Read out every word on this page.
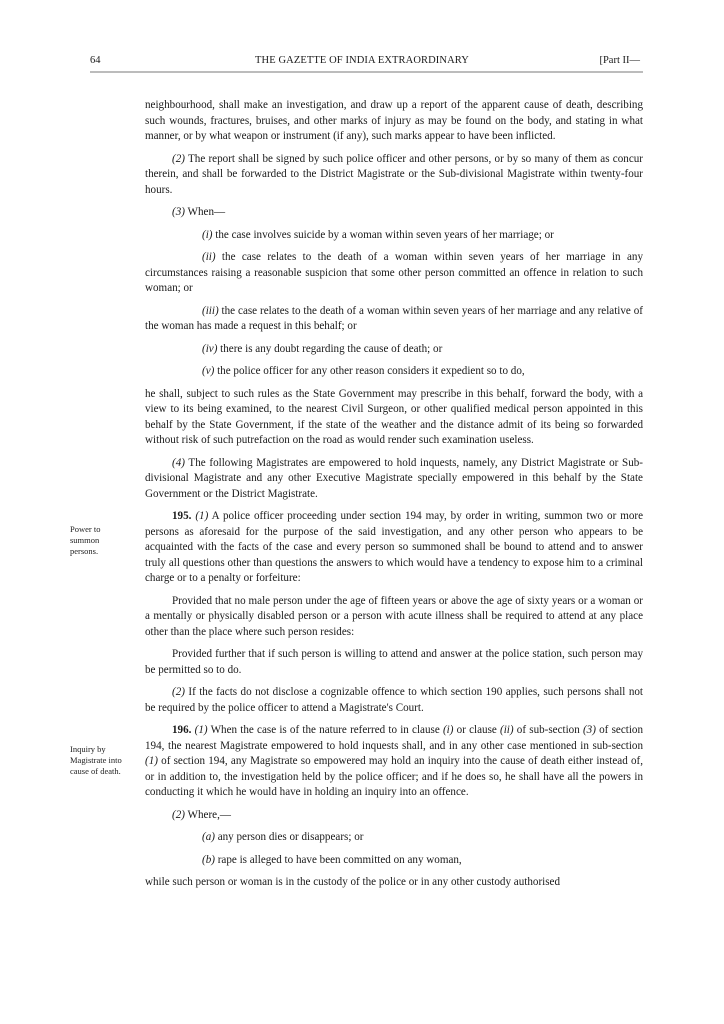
64	THE GAZETTE OF INDIA EXTRAORDINARY	[Part II—
Power to summon persons.
Inquiry by Magistrate into cause of death.

neighbourhood, shall make an investigation, and draw up a report of the apparent cause of death, describing such wounds, fractures, bruises, and other marks of injury as may be found on the body, and stating in what manner, or by what weapon or instrument (if any), such marks appear to have been inflicted.

(2) The report shall be signed by such police officer and other persons, or by so many of them as concur therein, and shall be forwarded to the District Magistrate or the Sub-divisional Magistrate within twenty-four hours.

(3) When—

(i) the case involves suicide by a woman within seven years of her marriage; or

(ii) the case relates to the death of a woman within seven years of her marriage in any circumstances raising a reasonable suspicion that some other person committed an offence in relation to such woman; or

(iii) the case relates to the death of a woman within seven years of her marriage and any relative of the woman has made a request in this behalf; or

(iv) there is any doubt regarding the cause of death; or

(v) the police officer for any other reason considers it expedient so to do,

he shall, subject to such rules as the State Government may prescribe in this behalf, forward the body, with a view to its being examined, to the nearest Civil Surgeon, or other qualified medical person appointed in this behalf by the State Government, if the state of the weather and the distance admit of its being so forwarded without risk of such putrefaction on the road as would render such examination useless.

(4) The following Magistrates are empowered to hold inquests, namely, any District Magistrate or Sub-divisional Magistrate and any other Executive Magistrate specially empowered in this behalf by the State Government or the District Magistrate.

195. (1) A police officer proceeding under section 194 may, by order in writing, summon two or more persons as aforesaid for the purpose of the said investigation, and any other person who appears to be acquainted with the facts of the case and every person so summoned shall be bound to attend and to answer truly all questions other than questions the answers to which would have a tendency to expose him to a criminal charge or to a penalty or forfeiture:

Provided that no male person under the age of fifteen years or above the age of sixty years or a woman or a mentally or physically disabled person or a person with acute illness shall be required to attend at any place other than the place where such person resides:

Provided further that if such person is willing to attend and answer at the police station, such person may be permitted so to do.

(2) If the facts do not disclose a cognizable offence to which section 190 applies, such persons shall not be required by the police officer to attend a Magistrate's Court.

196. (1) When the case is of the nature referred to in clause (i) or clause (ii) of sub-section (3) of section 194, the nearest Magistrate empowered to hold inquests shall, and in any other case mentioned in sub-section (1) of section 194, any Magistrate so empowered may hold an inquiry into the cause of death either instead of, or in addition to, the investigation held by the police officer; and if he does so, he shall have all the powers in conducting it which he would have in holding an inquiry into an offence.

(2) Where,—

(a) any person dies or disappears; or

(b) rape is alleged to have been committed on any woman,

while such person or woman is in the custody of the police or in any other custody authorised
